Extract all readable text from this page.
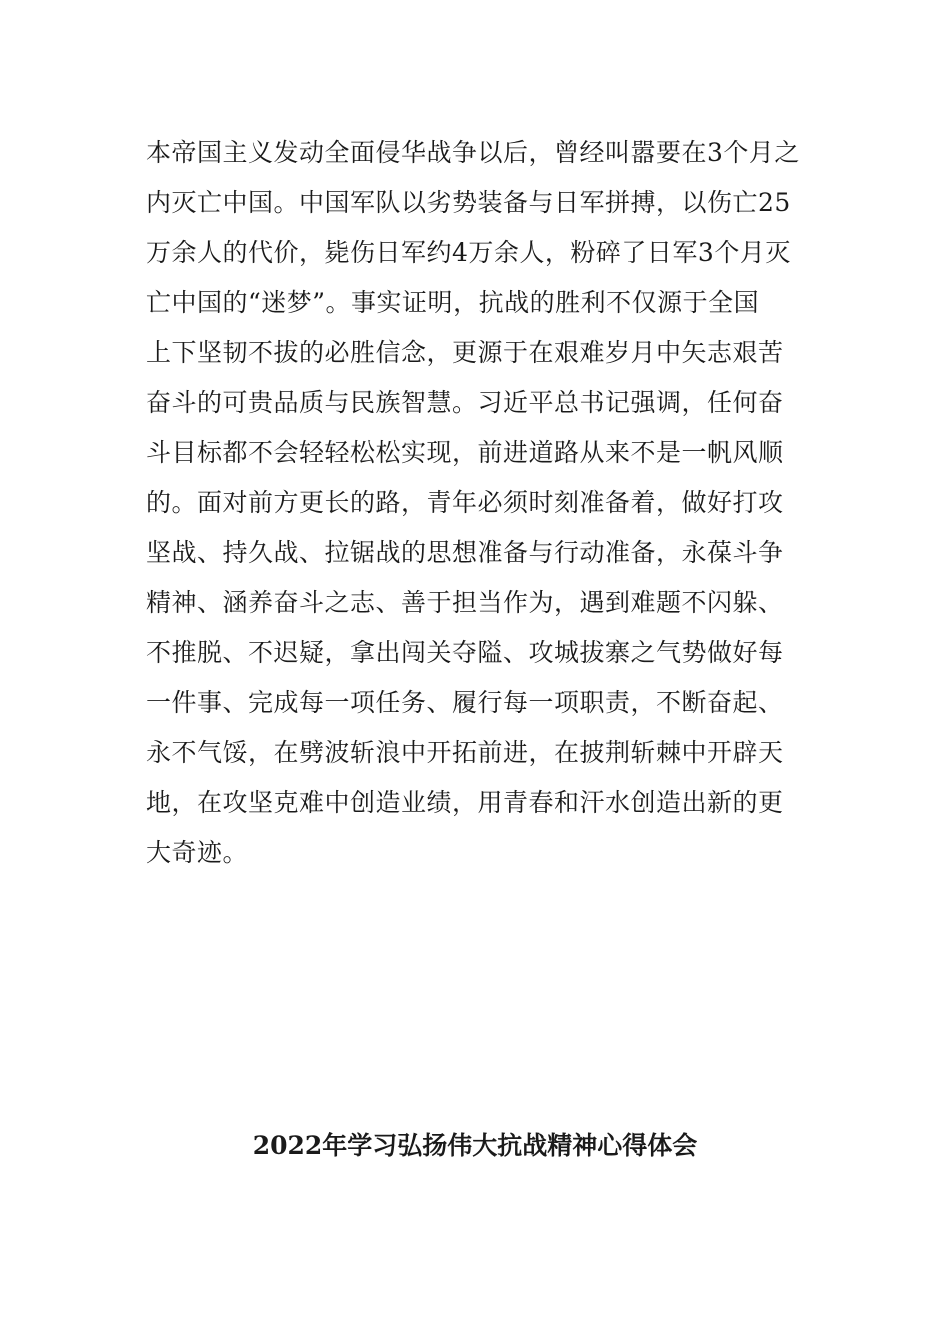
本帝国主义发动全面侵华战争以后，曾经叫嚣要在3个月之
内灭亡中国。中国军队以劣势装备与日军拼搏，以伤亡25
万余人的代价，毙伤日军约4万余人，粉碎了日军3个月灭
亡中国的“迷梦”。事实证明，抗战的胜利不仅源于全国
上下坚韧不拔的必胜信念，更源于在艰难岁月中矢志艰苦
奋斗的可贵品质与民族智慧。习近平总书记强调，任何奋
斗目标都不会轻轻松松实现，前进道路从来不是一帆风顺
的。面对前方更长的路，青年必须时刻准备着，做好打攻
坚战、持久战、拉锯战的思想准备与行动准备，永葆斗争
精神、涵养奋斗之志、善于担当作为，遇到难题不闪躲、
不推脱、不迟疑，拿出闯关夺隘、攻城拔寨之气势做好每
一件事、完成每一项任务、履行每一项职责，不断奋起、
永不气馁，在劈波斩浪中开拓前进，在披荆斩棘中开辟天
地，在攻坚克难中创造业绩，用青春和汗水创造出新的更
大奇迹。
2022年学习弘扬伟大抗战精神心得体会
